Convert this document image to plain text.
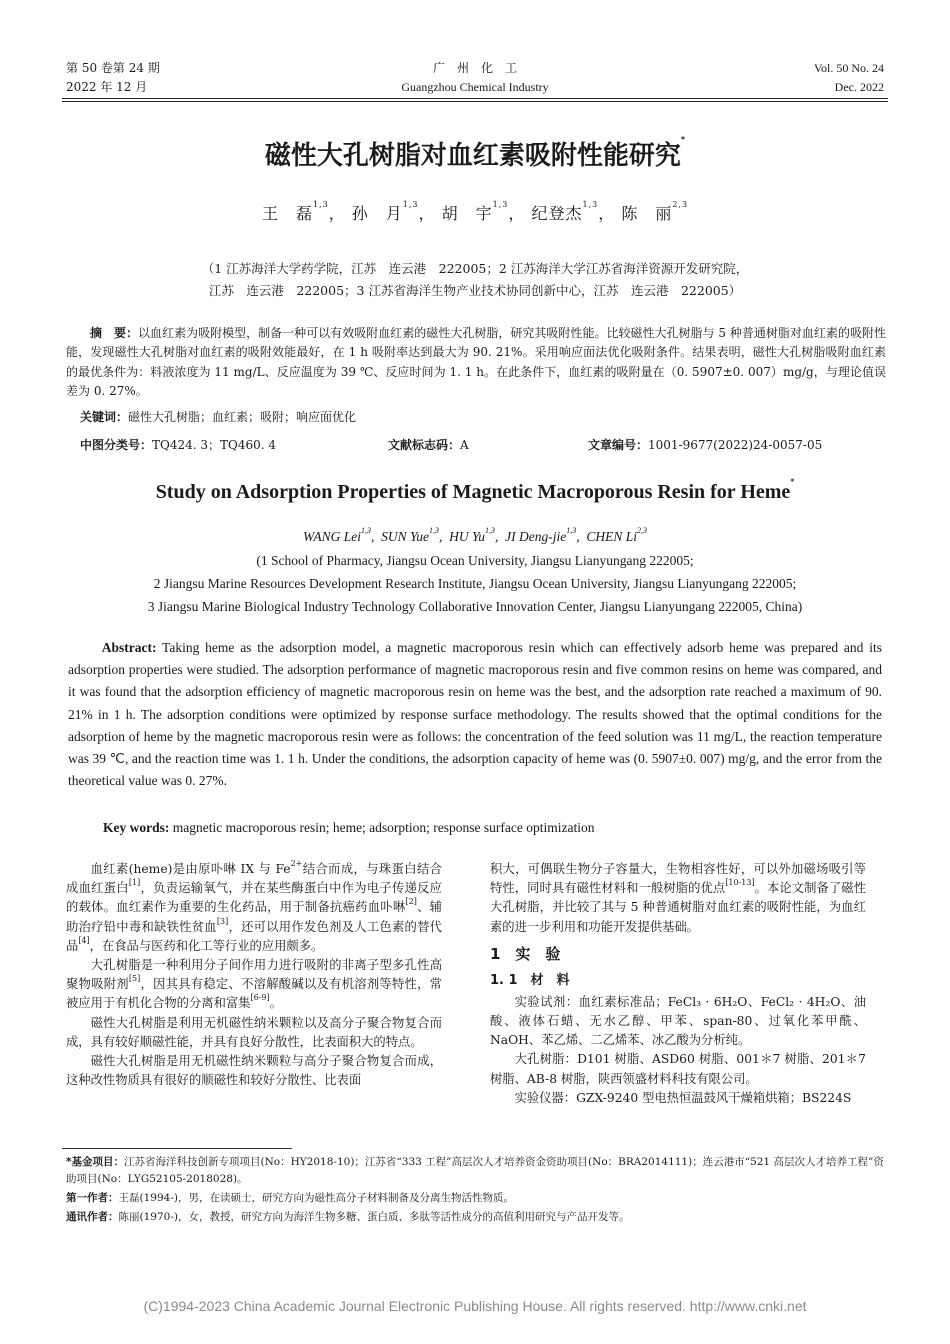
第 50 卷第 24 期
2022 年 12 月
广　州　化　工
Guangzhou Chemical Industry
Vol. 50 No. 24
Dec. 2022
磁性大孔树脂对血红素吸附性能研究*
王　磊$^{1,3}$， 孙　月$^{1,3}$， 胡　宇$^{1,3}$， 纪登杰$^{1,3}$， 陈　丽$^{2,3}$
（1 江苏海洋大学药学院，江苏　连云港　222005；2 江苏海洋大学江苏省海洋资源开发研究院，
江苏　连云港　222005；3 江苏省海洋生物产业技术协同创新中心，江苏　连云港　222005）
摘　要：以血红素为吸附模型，制备一种可以有效吸附血红素的磁性大孔树脂，研究其吸附性能。比较磁性大孔树脂与 5 种普通树脂对血红素的吸附性能，发现磁性大孔树脂对血红素的吸附效能最好，在 1 h 吸附率达到最大为 90. 21%。采用响应面法优化吸附条件。结果表明，磁性大孔树脂吸附血红素的最优条件为：料液浓度为 11 mg/L、反应温度为 39 ℃、反应时间为 1. 1 h。在此条件下，血红素的吸附量在（0. 5907±0. 007）mg/g，与理论值误差为 0. 27%。
关键词：磁性大孔树脂；血红素；吸附；响应面优化
中图分类号：TQ424. 3；TQ460. 4	文献标志码：A	文章编号：1001-9677(2022)24-0057-05
Study on Adsorption Properties of Magnetic Macroporous Resin for Heme*
WANG Lei$^{1,3}$,  SUN Yue$^{1,3}$,  HU Yu$^{1,3}$,  JI Deng-jie$^{1,3}$,  CHEN Li$^{2,3}$
(1 School of Pharmacy, Jiangsu Ocean University, Jiangsu Lianyungang 222005;
2 Jiangsu Marine Resources Development Research Institute, Jiangsu Ocean University, Jiangsu Lianyungang 222005;
3 Jiangsu Marine Biological Industry Technology Collaborative Innovation Center, Jiangsu Lianyungang 222005, China)
Abstract: Taking heme as the adsorption model, a magnetic macroporous resin which can effectively adsorb heme was prepared and its adsorption properties were studied. The adsorption performance of magnetic macroporous resin and five common resins on heme was compared, and it was found that the adsorption efficiency of magnetic macroporous resin on heme was the best, and the adsorption rate reached a maximum of 90. 21% in 1 h. The adsorption conditions were optimized by response surface methodology. The results showed that the optimal conditions for the adsorption of heme by the magnetic macroporous resin were as follows: the concentration of the feed solution was 11 mg/L, the reaction temperature was 39 ℃, and the reaction time was 1. 1 h. Under the conditions, the adsorption capacity of heme was (0. 5907±0. 007) mg/g, and the error from the theoretical value was 0. 27%.
Key words: magnetic macroporous resin; heme; adsorption; response surface optimization

血红素(heme)是由原卟啉 IX 与 Fe$^{2+}$结合而成，与珠蛋白结合成血红蛋白[1]，负责运输氧气，并在某些酶蛋白中作为电子传递反应的载体。血红素作为重要的生化药品，用于制备抗癌药血卟啉[2]、辅助治疗铅中毒和缺铁性贫血[3]，还可以用作发色剂及人工色素的替代品[4]，在食品与医药和化工等行业的应用颇多。

大孔树脂是一种利用分子间作用力进行吸附的非离子型多孔性高聚物吸附剂[5]，因其具有稳定、不溶解酸碱以及有机溶剂等特性，常被应用于有机化合物的分离和富集[6-9]。

磁性大孔树脂是利用无机磁性纳米颗粒以及高分子聚合物复合而成，具有较好顺磁性能，并具有良好分散性，比表面积大的特点。

磁性大孔树脂是用无机磁性纳米颗粒与高分子聚合物复合而成，这种改性物质具有很好的顺磁性和较好分散性、比表面

积大，可偶联生物分子容量大，生物相容性好，可以外加磁场吸引等特性，同时具有磁性材料和一般树脂的优点[10-13]。本论文制备了磁性大孔树脂，并比较了其与 5 种普通树脂对血红素的吸附性能，为血红素的进一步利用和功能开发提供基础。

1　实　验
1. 1　材　料

实验试剂：血红素标准品；FeCl₃ · 6H₂O、FeCl₂ · 4H₂O、油酸、液体石蜡、无水乙醇、甲苯、span-80、过氧化苯甲酰、NaOH、苯乙烯、二乙烯苯、冰乙酸为分析纯。

大孔树脂：D101 树脂、ASD60 树脂、001＊7 树脂、201＊7 树脂、AB-8 树脂，陕西领盛材料科技有限公司。

实验仪器：GZX-9240 型电热恒温鼓风干燥箱烘箱；BS224S

*基金项目：江苏省海洋科技创新专项项目(No：HY2018-10)；江苏省“333 工程”高层次人才培养资金资助项目(No：BRA2014111)；连云港市“521 高层次人才培养工程”资助项目(No：LYG52105-2018028)。
第一作者：王磊(1994-)，男，在读硕士，研究方向为磁性高分子材料制备及分离生物活性物质。
通讯作者：陈丽(1970-)，女，教授，研究方向为海洋生物多糖、蛋白质、多肽等活性成分的高值利用研究与产品开发等。
(C)1994-2023 China Academic Journal Electronic Publishing House. All rights reserved. http://www.cnki.net
